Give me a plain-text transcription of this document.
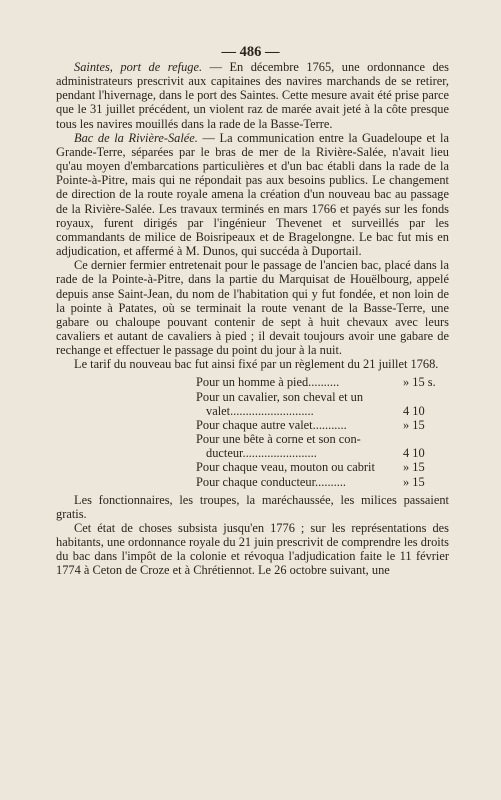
— 486 —

Saintes, port de refuge. — En décembre 1765, une ordonnance des administrateurs prescrivit aux capitaines des navires marchands de se retirer, pendant l'hivernage, dans le port des Saintes. Cette mesure avait été prise parce que le 31 juillet précédent, un violent raz de marée avait jeté à la côte presque tous les navires mouillés dans la rade de la Basse-Terre.

Bac de la Rivière-Salée. — La communication entre la Guadeloupe et la Grande-Terre, séparées par le bras de mer de la Rivière-Salée, n'avait lieu qu'au moyen d'embarcations particulières et d'un bac établi dans la rade de la Pointe-à-Pitre, mais qui ne répondait pas aux besoins publics. Le changement de direction de la route royale amena la création d'un nouveau bac au passage de la Rivière-Salée. Les travaux terminés en mars 1766 et payés sur les fonds royaux, furent dirigés par l'ingénieur Thevenet et surveillés par les commandants de milice de Boisripeaux et de Bragelongne. Le bac fut mis en adjudication, et affermé à M. Dunos, qui succéda à Duportail.

Ce dernier fermier entretenait pour le passage de l'ancien bac, placé dans la rade de la Pointe-à-Pitre, dans la partie du Marquisat de Houëlbourg, appelé depuis anse Saint-Jean, du nom de l'habitation qui y fut fondée, et non loin de la pointe à Patates, où se terminait la route venant de la Basse-Terre, une gabare ou chaloupe pouvant contenir de sept à huit chevaux avec leurs cavaliers et autant de cavaliers à pied ; il devait toujours avoir une gabare de rechange et effectuer le passage du point du jour à la nuit.

Le tarif du nouveau bac fut ainsi fixé par un règlement du 21 juillet 1768.

Pour un homme à pied..........	» 15 s.
Pour un cavalier, son cheval et un
valet...........................	4 10
Pour chaque autre valet...........	» 15
Pour une bête à corne et son con-
ducteur........................	4 10
Pour chaque veau, mouton ou cabrit	» 15
Pour chaque conducteur..........	» 15

Les fonctionnaires, les troupes, la maréchaussée, les milices passaient gratis.

Cet état de choses subsista jusqu'en 1776 ; sur les représentations des habitants, une ordonnance royale du 21 juin prescrivit de comprendre les droits du bac dans l'impôt de la colonie et révoqua l'adjudication faite le 11 février 1774 à Ceton de Croze et à Chrétiennot. Le 26 octobre suivant, une
